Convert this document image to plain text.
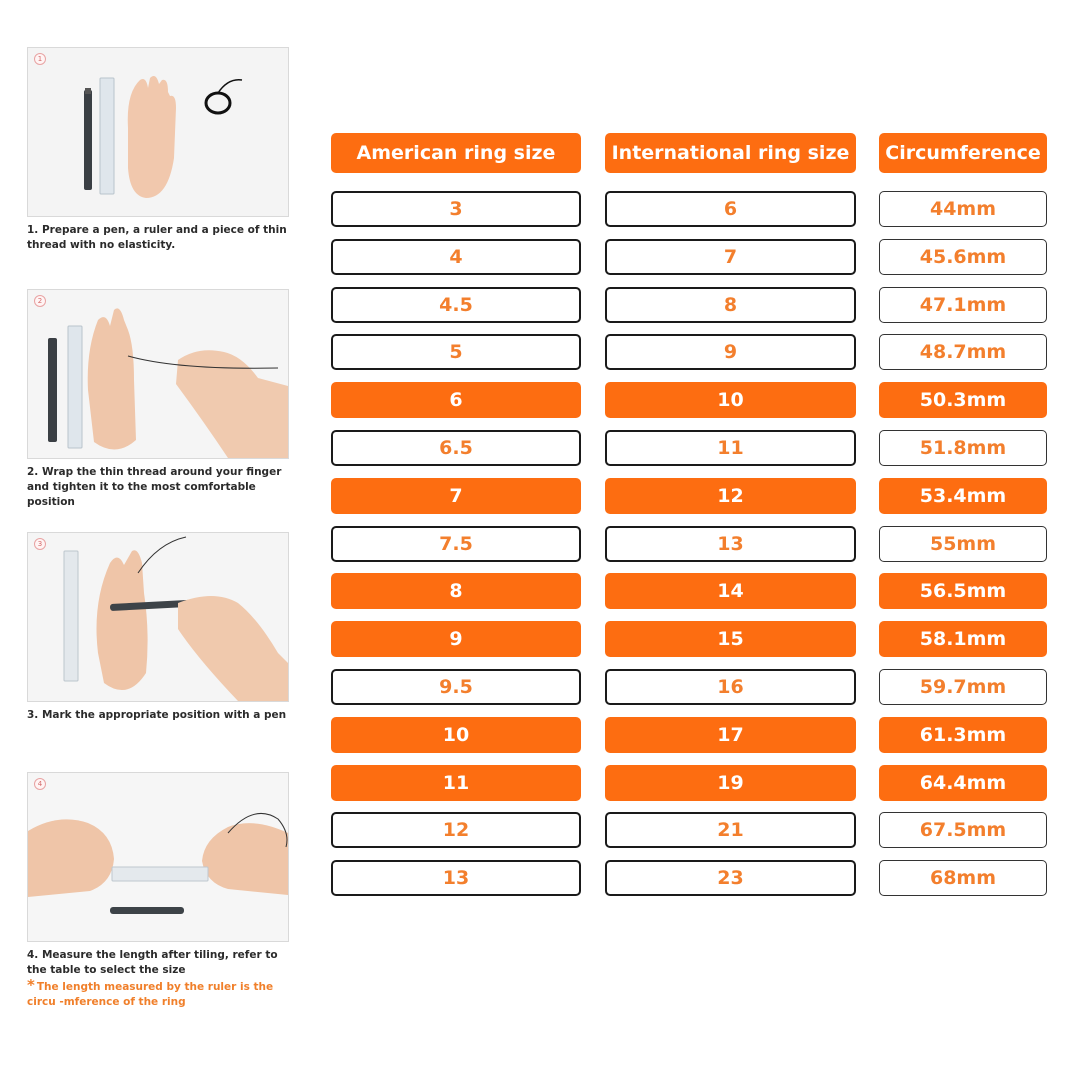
1
1. Prepare a pen, a ruler and a piece of thin thread with no elasticity.
2
2. Wrap the thin thread around your finger and tighten it to the most comfortable position
3
3. Mark the appropriate position with a pen
4
4. Measure the length after tiling, refer to the table to select the size
* The length measured by the ruler is the circu -mference of the ring
American ring size
3
4
4.5
5
6
6.5
7
7.5
8
9
9.5
10
11
12
13
International ring size
6
7
8
9
10
11
12
13
14
15
16
17
19
21
23
Circumference
44mm
45.6mm
47.1mm
48.7mm
50.3mm
51.8mm
53.4mm
55mm
56.5mm
58.1mm
59.7mm
61.3mm
64.4mm
67.5mm
68mm
